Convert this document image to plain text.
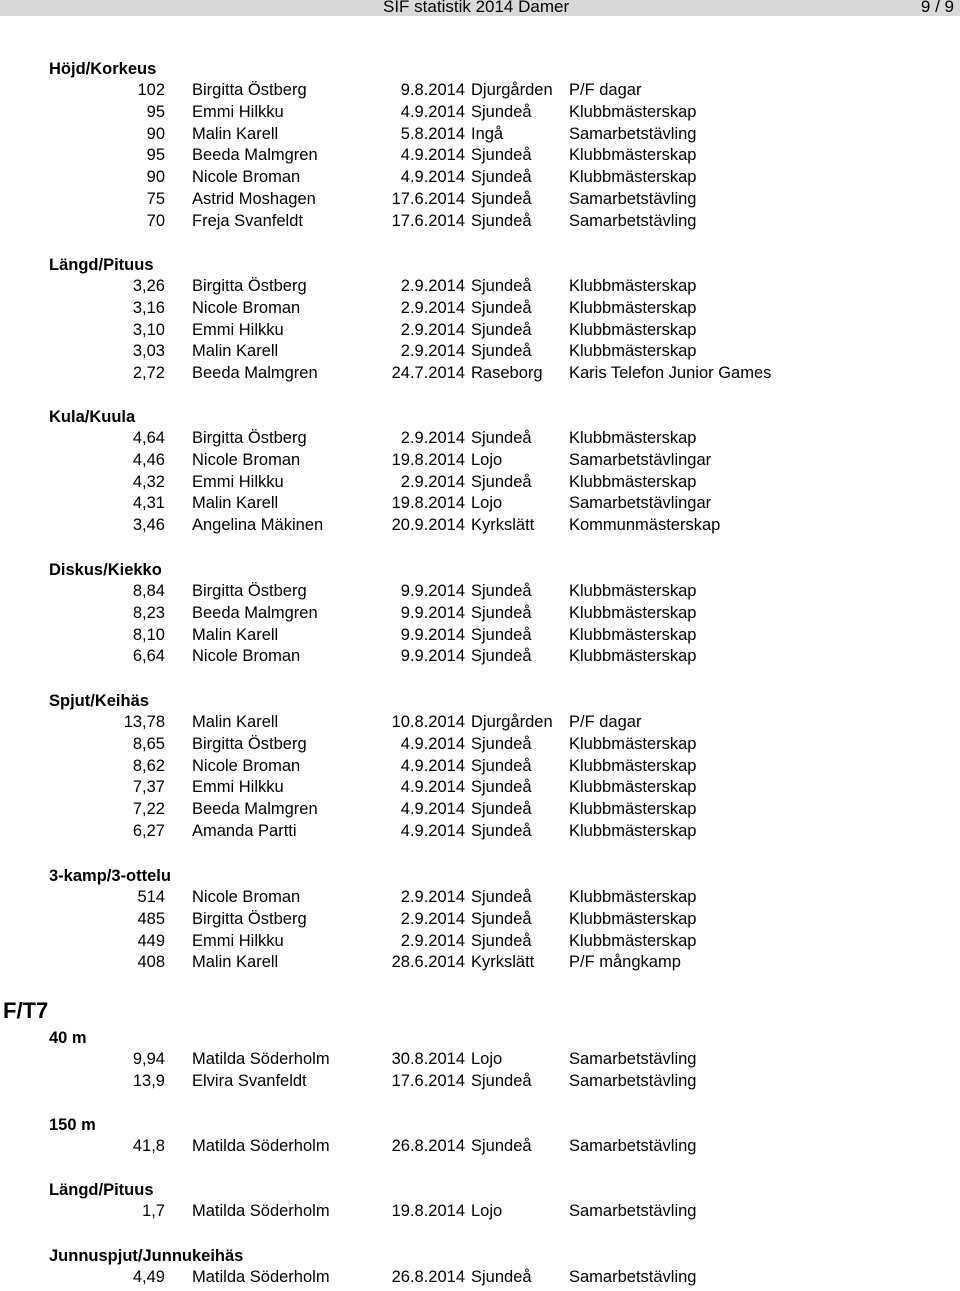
SIF statistik 2014 Damer	9 / 9
F/T7
Höjd/Korkeus
102 Birgitta Östberg	9.8.2014 Djurgården P/F dagar
95 Emmi Hilkku	4.9.2014 Sjundeå Klubbmästerskap
90 Malin Karell	5.8.2014 Ingå	Samarbetstävling
95 Beeda Malmgren	4.9.2014 Sjundeå Klubbmästerskap
90 Nicole Broman	4.9.2014 Sjundeå Klubbmästerskap
75 Astrid Moshagen	17.6.2014 Sjundeå Samarbetstävling
70 Freja Svanfeldt	17.6.2014 Sjundeå Samarbetstävling
Längd/Pituus
3,26 Birgitta Östberg	2.9.2014 Sjundeå Klubbmästerskap
3,16 Nicole Broman	2.9.2014 Sjundeå Klubbmästerskap
3,10 Emmi Hilkku	2.9.2014 Sjundeå Klubbmästerskap
3,03 Malin Karell	2.9.2014 Sjundeå Klubbmästerskap
2,72 Beeda Malmgren	24.7.2014 Raseborg Karis Telefon Junior Games
Kula/Kuula
4,64 Birgitta Östberg	2.9.2014 Sjundeå Klubbmästerskap
4,46 Nicole Broman	19.8.2014 Lojo	Samarbetstävlingar
4,32 Emmi Hilkku	2.9.2014 Sjundeå Klubbmästerskap
4,31 Malin Karell	19.8.2014 Lojo	Samarbetstävlingar
3,46 Angelina Mäkinen	20.9.2014 Kyrkslätt Kommunmästerskap
Diskus/Kiekko
8,84 Birgitta Östberg	9.9.2014 Sjundeå Klubbmästerskap
8,23 Beeda Malmgren	9.9.2014 Sjundeå Klubbmästerskap
8,10 Malin Karell	9.9.2014 Sjundeå Klubbmästerskap
6,64 Nicole Broman	9.9.2014 Sjundeå Klubbmästerskap
Spjut/Keihäs
13,78 Malin Karell	10.8.2014 Djurgården P/F dagar
8,65 Birgitta Östberg	4.9.2014 Sjundeå Klubbmästerskap
8,62 Nicole Broman	4.9.2014 Sjundeå Klubbmästerskap
7,37 Emmi Hilkku	4.9.2014 Sjundeå Klubbmästerskap
7,22 Beeda Malmgren	4.9.2014 Sjundeå Klubbmästerskap
6,27 Amanda Partti	4.9.2014 Sjundeå Klubbmästerskap
3-kamp/3-ottelu
514 Nicole Broman	2.9.2014 Sjundeå Klubbmästerskap
485 Birgitta Östberg	2.9.2014 Sjundeå Klubbmästerskap
449 Emmi Hilkku	2.9.2014 Sjundeå Klubbmästerskap
408 Malin Karell	28.6.2014 Kyrkslätt P/F mångkamp
40 m
9,94 Matilda Söderholm	30.8.2014 Lojo	Samarbetstävling
13,9 Elvira Svanfeldt	17.6.2014 Sjundeå Samarbetstävling
150 m
41,8 Matilda Söderholm	26.8.2014 Sjundeå Samarbetstävling
Längd/Pituus
1,7 Matilda Söderholm	19.8.2014 Lojo	Samarbetstävling
Junnuspjut/Junnukeihäs
4,49 Matilda Söderholm	26.8.2014 Sjundeå Samarbetstävling
